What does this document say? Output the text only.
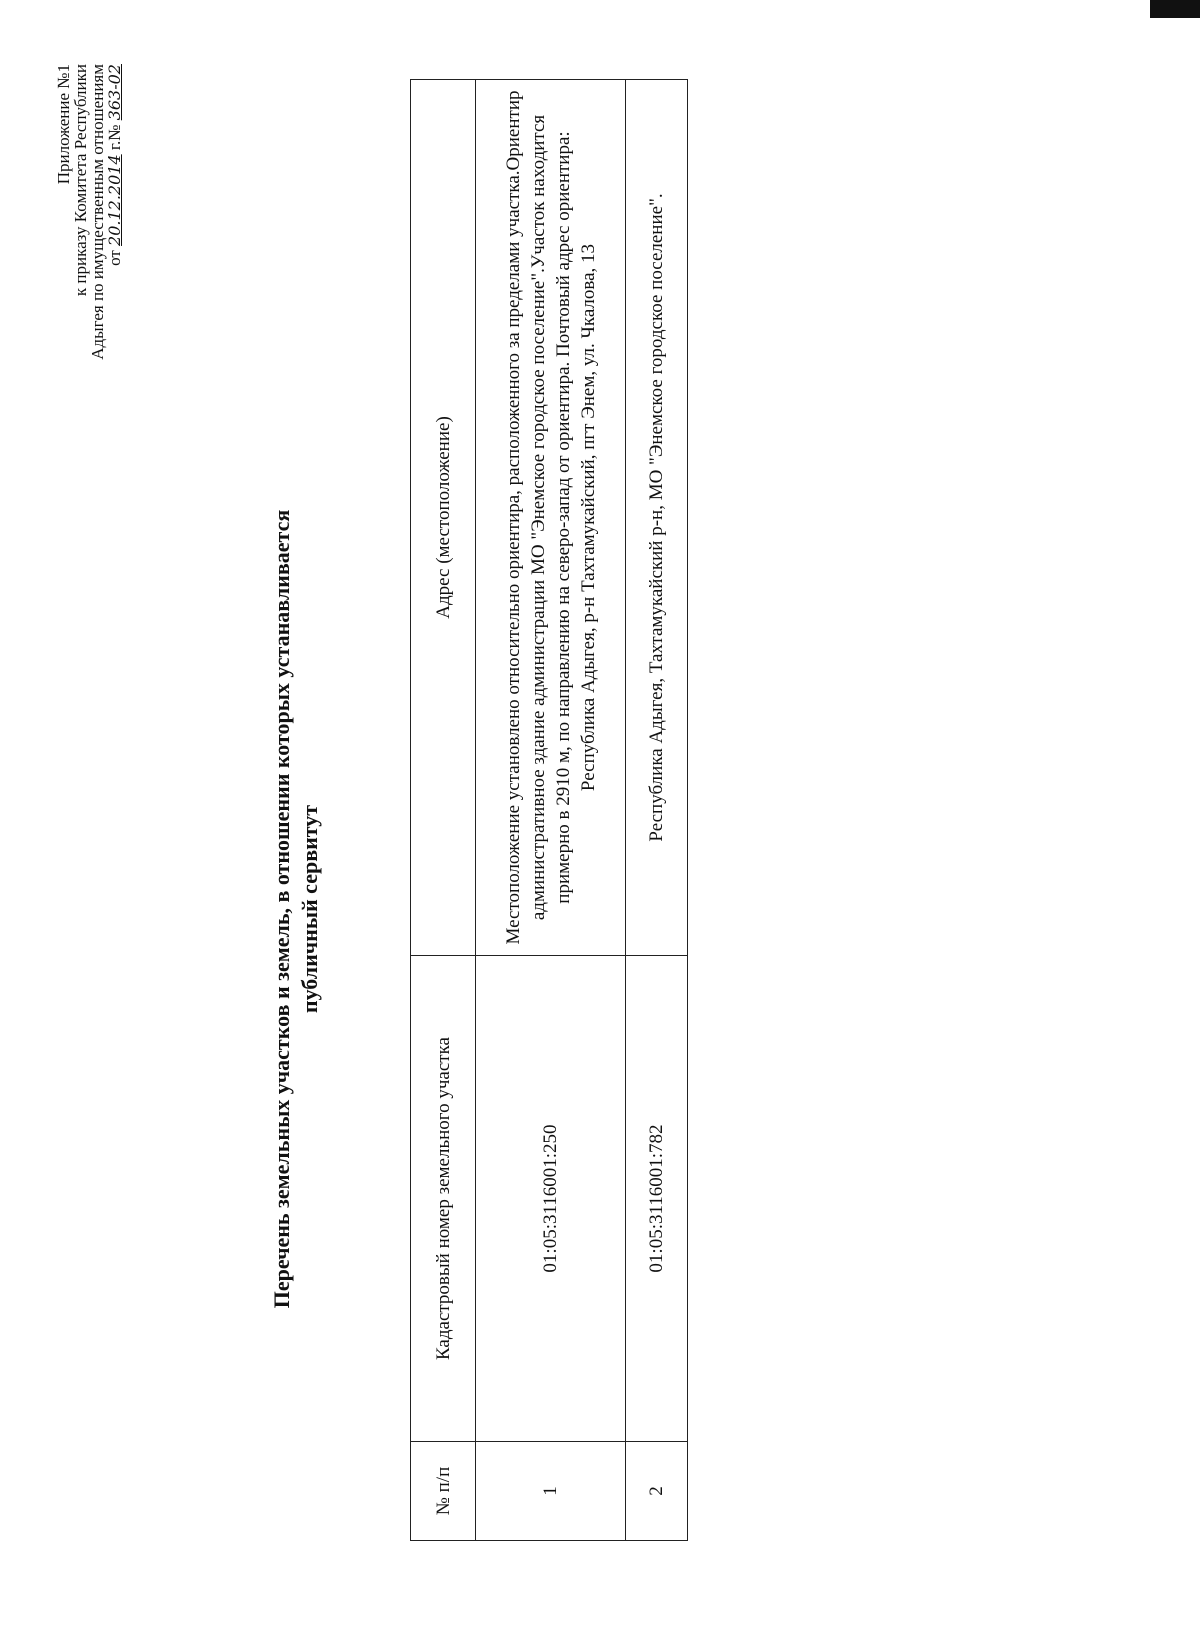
Приложение №1
к приказу Комитета Республики
Адыгея по имущественным отношениям
от 20.12.2014 г.№ 363-02
Перечень земельных участков и земель, в отношении которых устанавливается публичный сервитут
№ п/п	Кадастровый номер земельного участка	Адрес (местоположение)
1	01:05:3116001:250	Местоположение установлено относительно ориентира, расположенного за пределами участка.Ориентир административное здание администрации МО "Энемское городское поселение".Участок находится примерно в 2910 м, по направлению на северо-запад от ориентира. Почтовый адрес ориентира: Республика Адыгея, р-н Тахтамукайский, пгт Энем, ул. Чкалова, 13
2	01:05:3116001:782	Республика Адыгея, Тахтамукайский р-н, МО "Энемское городское поселение".
